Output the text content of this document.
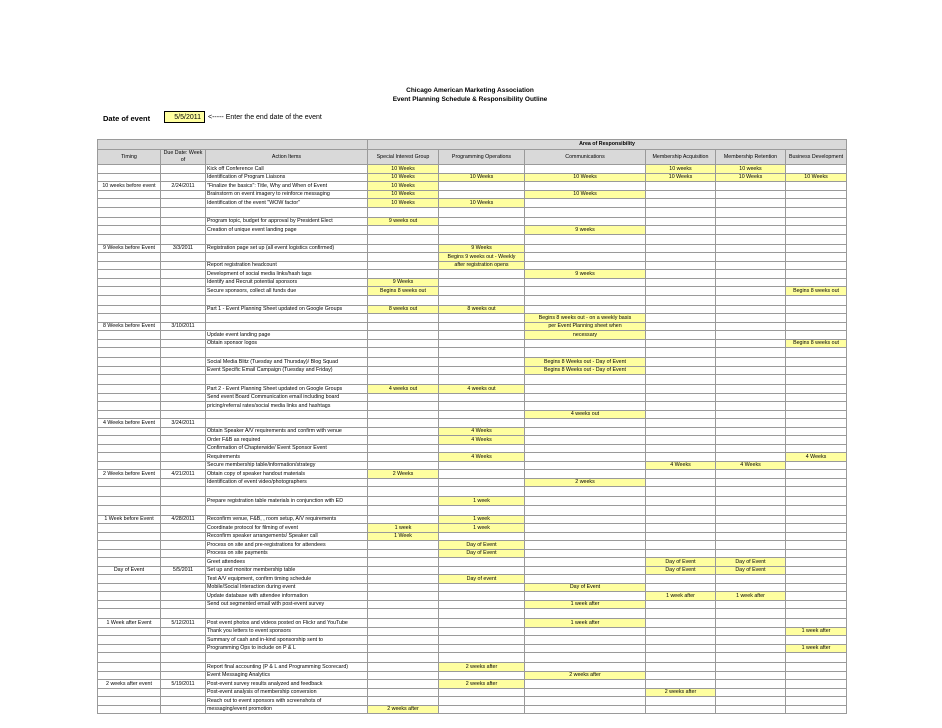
Chicago American Marketing Association
Event Planning Schedule & Responsibility Outline
Date of event	5/5/2011	<----- Enter the end date of the event
			Area of Responsibility					
Timing	Due Date: Week of	Action Items	Special Interest Group	Programming Operations	Communications	Membership Acquisition	Membership Retention	Business Development
		Kick off Conference Call	10 Weeks			10 weeks	10 weeks	
		Identification of Program Liaisons	10 Weeks	10 Weeks	10 Weeks	10 Weeks	10 Weeks	10 Weeks
10 weeks before event	2/24/2011	"Finalize the basics": Title, Why and When of Event	10 Weeks					
		Brainstorm on event imagery to reinforce messaging	10 Weeks		10 Weeks			
		Identification of the event "WOW factor"	10 Weeks	10 Weeks				

		Program topic, budget for approval by President Elect	9 weeks out					
		Creation of unique event landing page			9 weeks			

9 Weeks before Event	3/3/2011	Registration page set up (all event logistics confirmed)		9 Weeks				
				Begins 9 weeks out - Weekly				
		Report registration headcount		after registration opens				
		Development of social media links/hash tags			9 weeks			
		Identify and Recruit potential sponsors	9 Weeks					
		Secure sponsors, collect all funds due	Begins 8 weeks out					Begins 8 weeks out

		Part 1 - Event Planning Sheet updated on Google Groups	8 weeks out	8 weeks out				
					Begins 8 weeks out - on a weekly basis			
8 Weeks before Event	3/10/2011				per Event Planning sheet when			
		Update event landing page			necessary			
		Obtain sponsor logos						Begins 8 weeks out

		Social Media Blitz (Tuesday and Thursday)/ Blog Squad			Begins 8 Weeks out - Day of Event			
		Event Specific Email Campaign (Tuesday and Friday)			Begins 8 Weeks out - Day of Event			

		Part 2 - Event Planning Sheet updated on Google Groups	4 weeks out	4 weeks out				
		Send event Board Communication email including board						
		pricing/referral rates/social media links and hashtags						
					4 weeks out			
4 Weeks before Event	3/24/2011							
		Obtain Speaker A/V requirements and confirm with venue		4 Weeks				
		Order F&B as required		4 Weeks				
		Confirmation of Chapterwide/ Event Sponsor Event						
		Requirements		4 Weeks				4 Weeks
		Secure membership table/information/strategy				4 Weeks	4 Weeks	
2 Weeks before Event	4/21/2011	Obtain copy of speaker handout materials	2 Weeks					
		Identification of event video/photographers			2 weeks			

		Prepare registration table materials in conjunction with ED		1 week				

1 Week before Event	4/28/2011	Reconfirm venue, F&B, , room setup, A/V requirements		1 week				
		Coordinate protocol for filming of event	1 week	1 week				
		Reconfirm speaker arrangements/ Speaker call	1 Week					
		Process on site and pre-registrations for attendees		Day of Event				
		Process on site payments		Day of Event				
		Greet attendees				Day of Event	Day of Event	
Day of Event	5/5/2011	Set up and monitor membership table				Day of Event	Day of Event	
		Test A/V equipment, confirm timing schedule		Day of event				
		Mobile/Social Interaction during event			Day of Event			
		Update database with attendee information				1 week after	1 week after	
		Send out segmented email with post-event survey			1 week after			

1 Week after Event	5/12/2011	Post event photos and videos posted on Flickr and YouTube			1 week after			
		Thank you letters to event sponsors						1 week after
		Summary of cash and in-kind sponsorship sent to						
		Programming Ops to include on P & L						1 week after

		Report final accounting (P & L and Programming Scorecard)		2 weeks after				
		Event Messaging Analytics			2 weeks after			
2 weeks after event	5/19/2011	Post-event survey results analyzed and feedback		2 weeks after				
		Post-event analysis of membership conversion				2 weeks after		
		Reach out to event sponsors with screenshots of						
		messaging/event promotion	2 weeks after					
